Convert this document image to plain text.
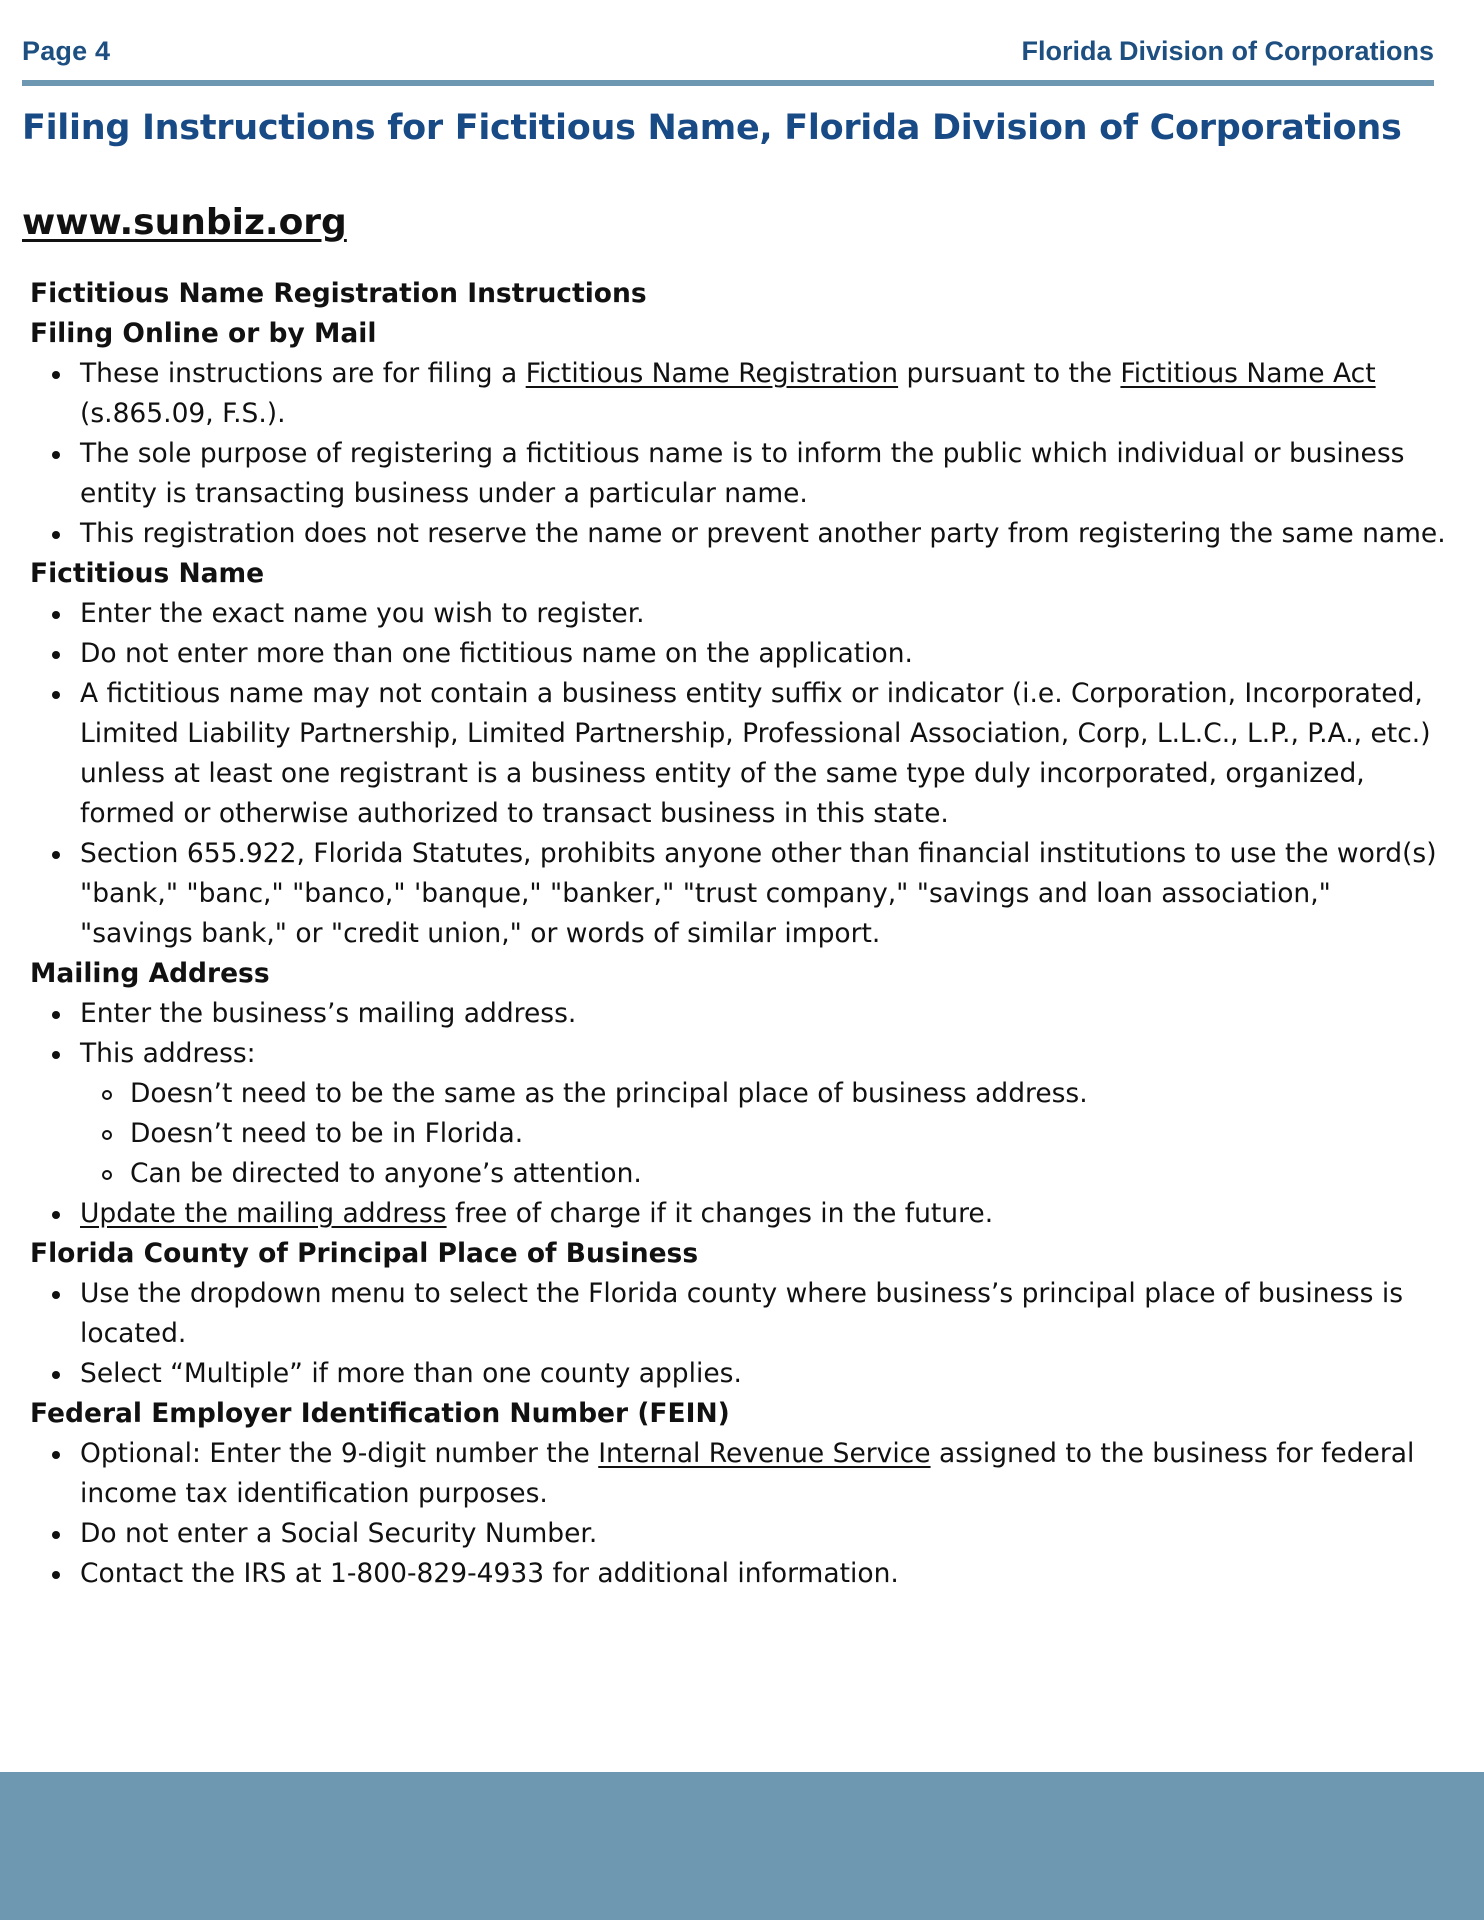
Page 4	Florida Division of Corporations
Filing Instructions for Fictitious Name, Florida Division of Corporations
www.sunbiz.org
Fictitious Name Registration Instructions
Filing Online or by Mail
These instructions are for filing a Fictitious Name Registration pursuant to the Fictitious Name Act (s.865.09, F.S.).
The sole purpose of registering a fictitious name is to inform the public which individual or business entity is transacting business under a particular name.
This registration does not reserve the name or prevent another party from registering the same name.
Fictitious Name
Enter the exact name you wish to register.
Do not enter more than one fictitious name on the application.
A fictitious name may not contain a business entity suffix or indicator (i.e. Corporation, Incorporated, Limited Liability Partnership, Limited Partnership, Professional Association, Corp, L.L.C., L.P., P.A., etc.) unless at least one registrant is a business entity of the same type duly incorporated, organized, formed or otherwise authorized to transact business in this state.
Section 655.922, Florida Statutes, prohibits anyone other than financial institutions to use the word(s) "bank," "banc," "banco," 'banque," "banker," "trust company," "savings and loan association," "savings bank," or "credit union," or words of similar import.
Mailing Address
Enter the business’s mailing address.
This address:
Doesn’t need to be the same as the principal place of business address.
Doesn’t need to be in Florida.
Can be directed to anyone’s attention.
Update the mailing address free of charge if it changes in the future.
Florida County of Principal Place of Business
Use the dropdown menu to select the Florida county where business’s principal place of business is located.
Select “Multiple” if more than one county applies.
Federal Employer Identification Number (FEIN)
Optional: Enter the 9-digit number the Internal Revenue Service assigned to the business for federal income tax identification purposes.
Do not enter a Social Security Number.
Contact the IRS at 1-800-829-4933 for additional information.
